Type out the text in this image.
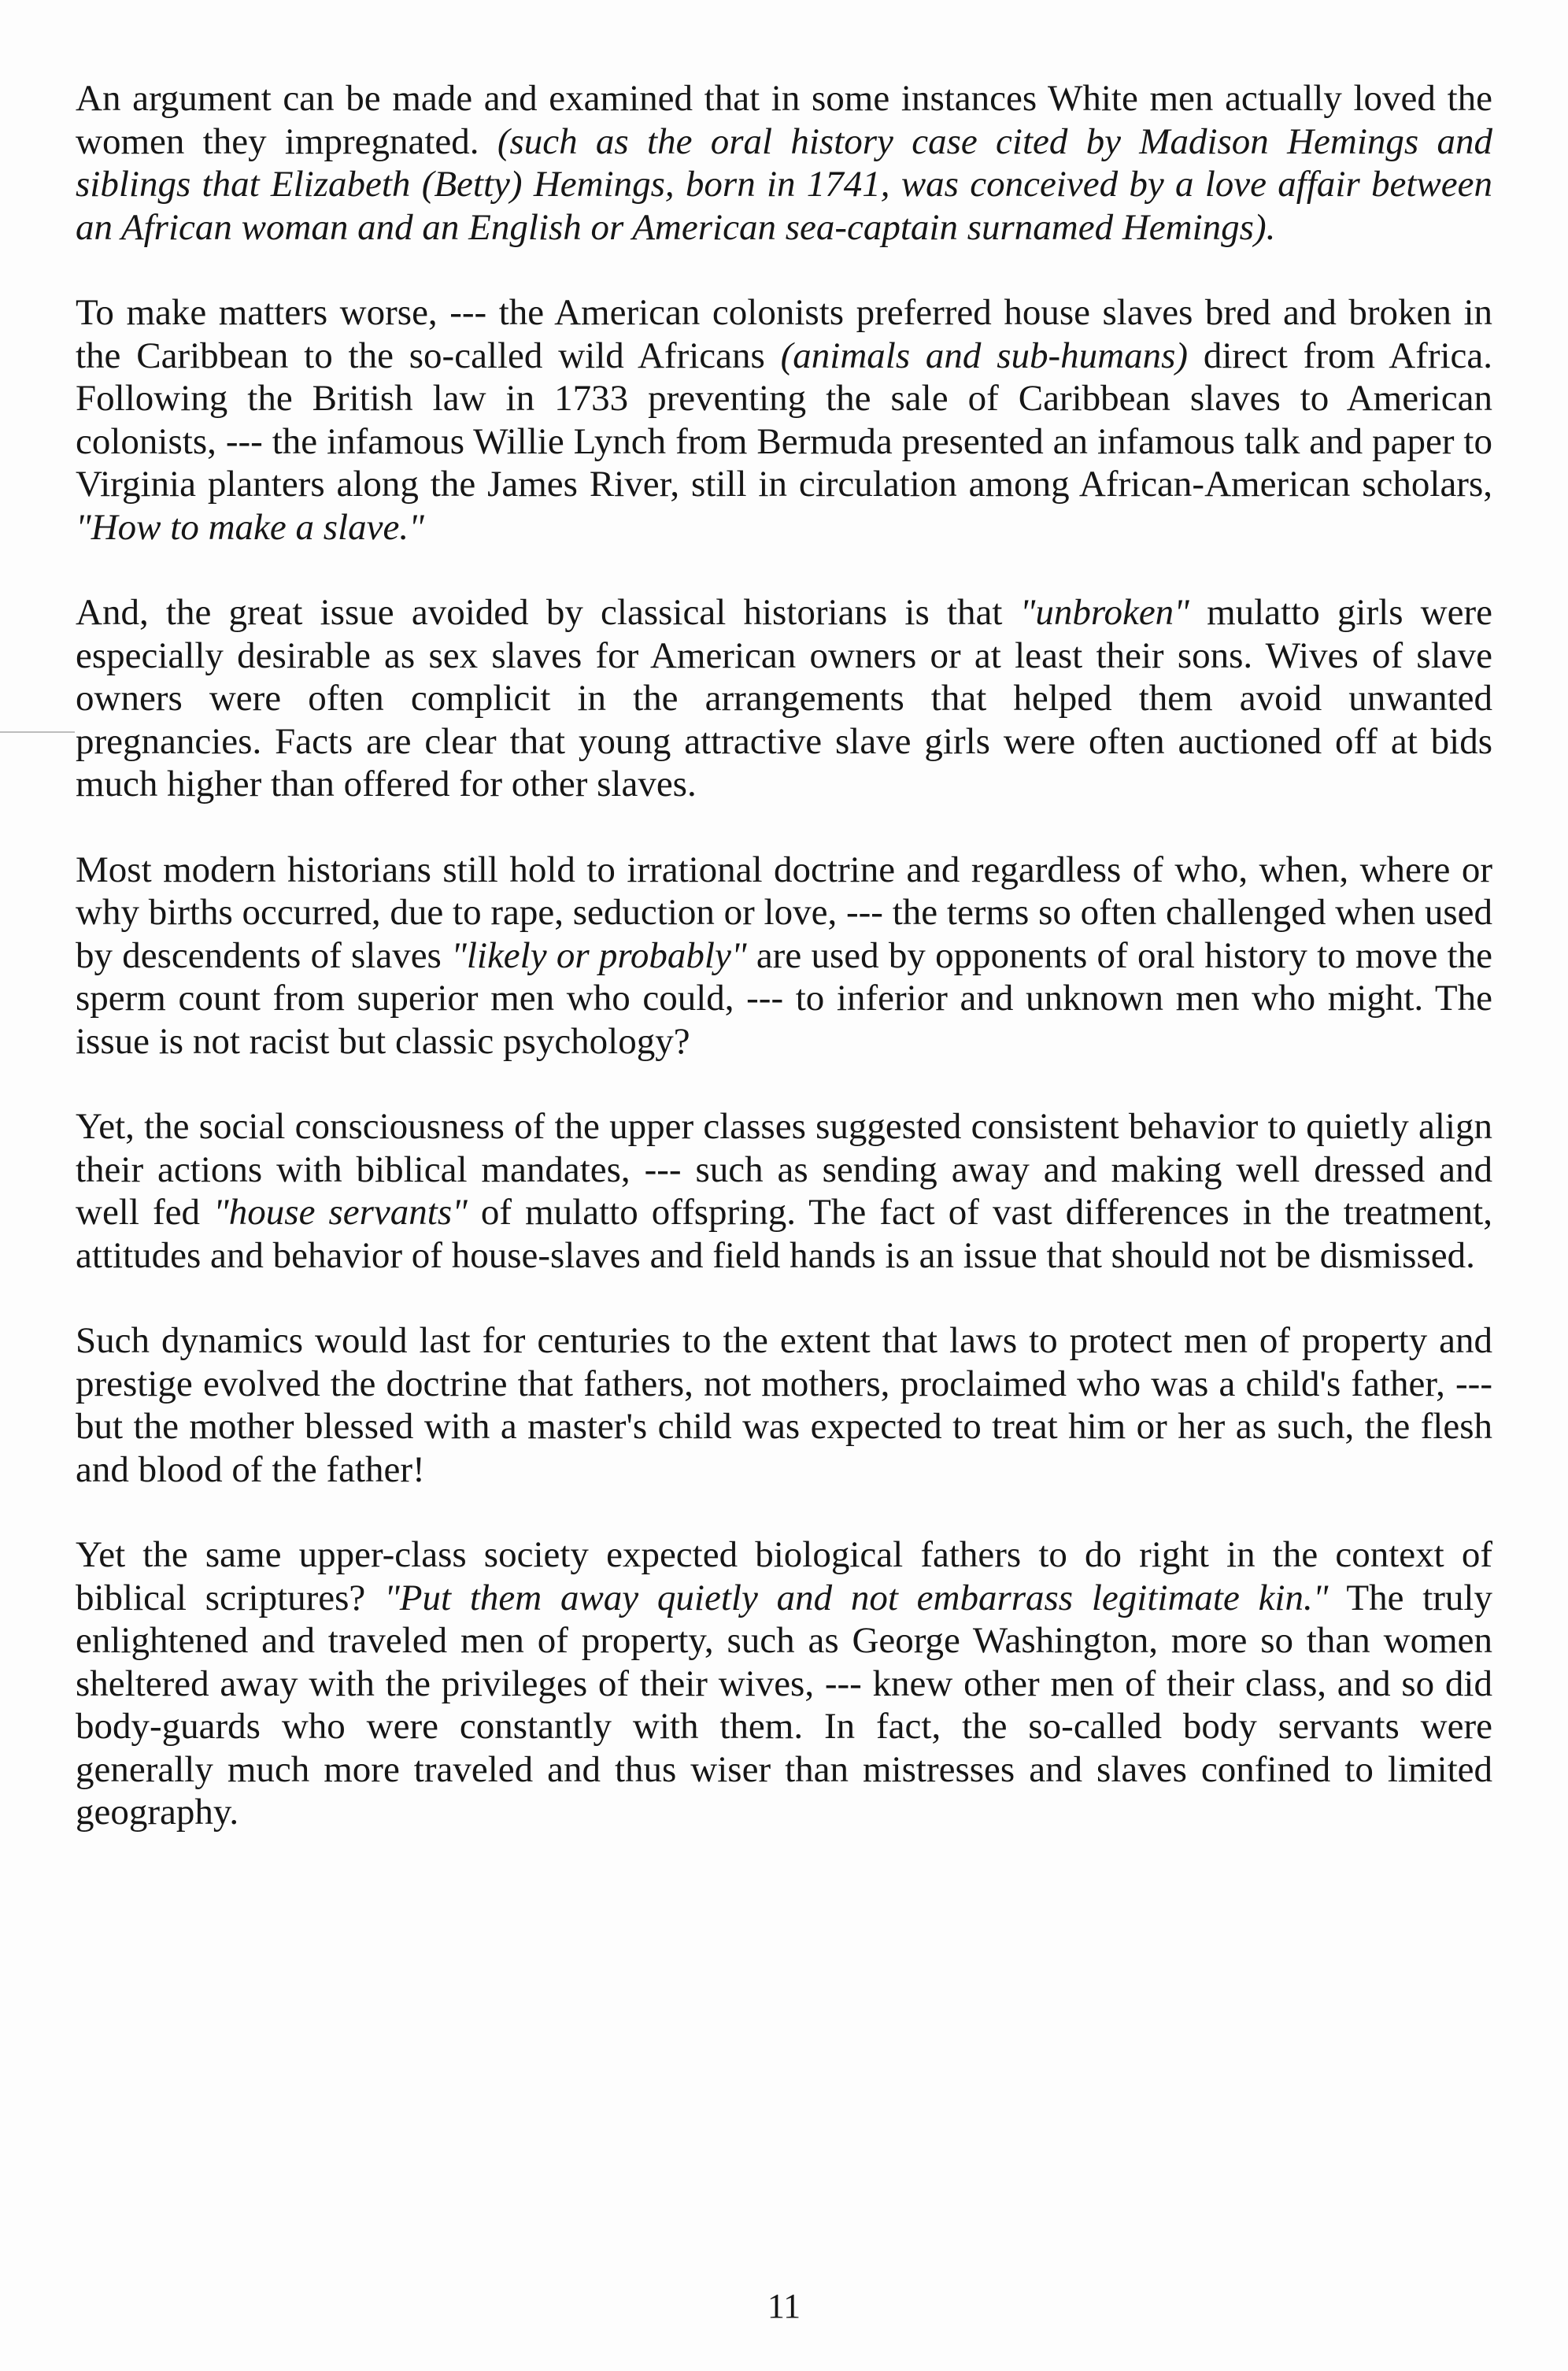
An argument can be made and examined that in some instances White men actually loved the women they impregnated. (such as the oral history case cited by Madison Hemings and siblings that Elizabeth (Betty) Hemings, born in 1741, was conceived by a love affair between an African woman and an English or American sea-captain surnamed Hemings).

To make matters worse, --- the American colonists preferred house slaves bred and broken in the Caribbean to the so-called wild Africans (animals and sub-humans) direct from Africa. Following the British law in 1733 preventing the sale of Caribbean slaves to American colonists, --- the infamous Willie Lynch from Bermuda presented an infamous talk and paper to Virginia planters along the James River, still in circulation among African-American scholars, "How to make a slave."

And, the great issue avoided by classical historians is that "unbroken" mulatto girls were especially desirable as sex slaves for American owners or at least their sons. Wives of slave owners were often complicit in the arrangements that helped them avoid unwanted pregnancies. Facts are clear that young attractive slave girls were often auctioned off at bids much higher than offered for other slaves.

Most modern historians still hold to irrational doctrine and regardless of who, when, where or why births occurred, due to rape, seduction or love, --- the terms so often challenged when used by descendents of slaves "likely or probably" are used by opponents of oral history to move the sperm count from superior men who could, --- to inferior and unknown men who might. The issue is not racist but classic psychology?

Yet, the social consciousness of the upper classes suggested consistent behavior to quietly align their actions with biblical mandates, --- such as sending away and making well dressed and well fed "house servants" of mulatto offspring. The fact of vast differences in the treatment, attitudes and behavior of house-slaves and field hands is an issue that should not be dismissed.

Such dynamics would last for centuries to the extent that laws to protect men of property and prestige evolved the doctrine that fathers, not mothers, proclaimed who was a child's father, --- but the mother blessed with a master's child was expected to treat him or her as such, the flesh and blood of the father!

Yet the same upper-class society expected biological fathers to do right in the context of biblical scriptures? "Put them away quietly and not embarrass legitimate kin." The truly enlightened and traveled men of property, such as George Washington, more so than women sheltered away with the privileges of their wives, --- knew other men of their class, and so did body-guards who were constantly with them. In fact, the so-called body servants were generally much more traveled and thus wiser than mistresses and slaves confined to limited geography.

11
